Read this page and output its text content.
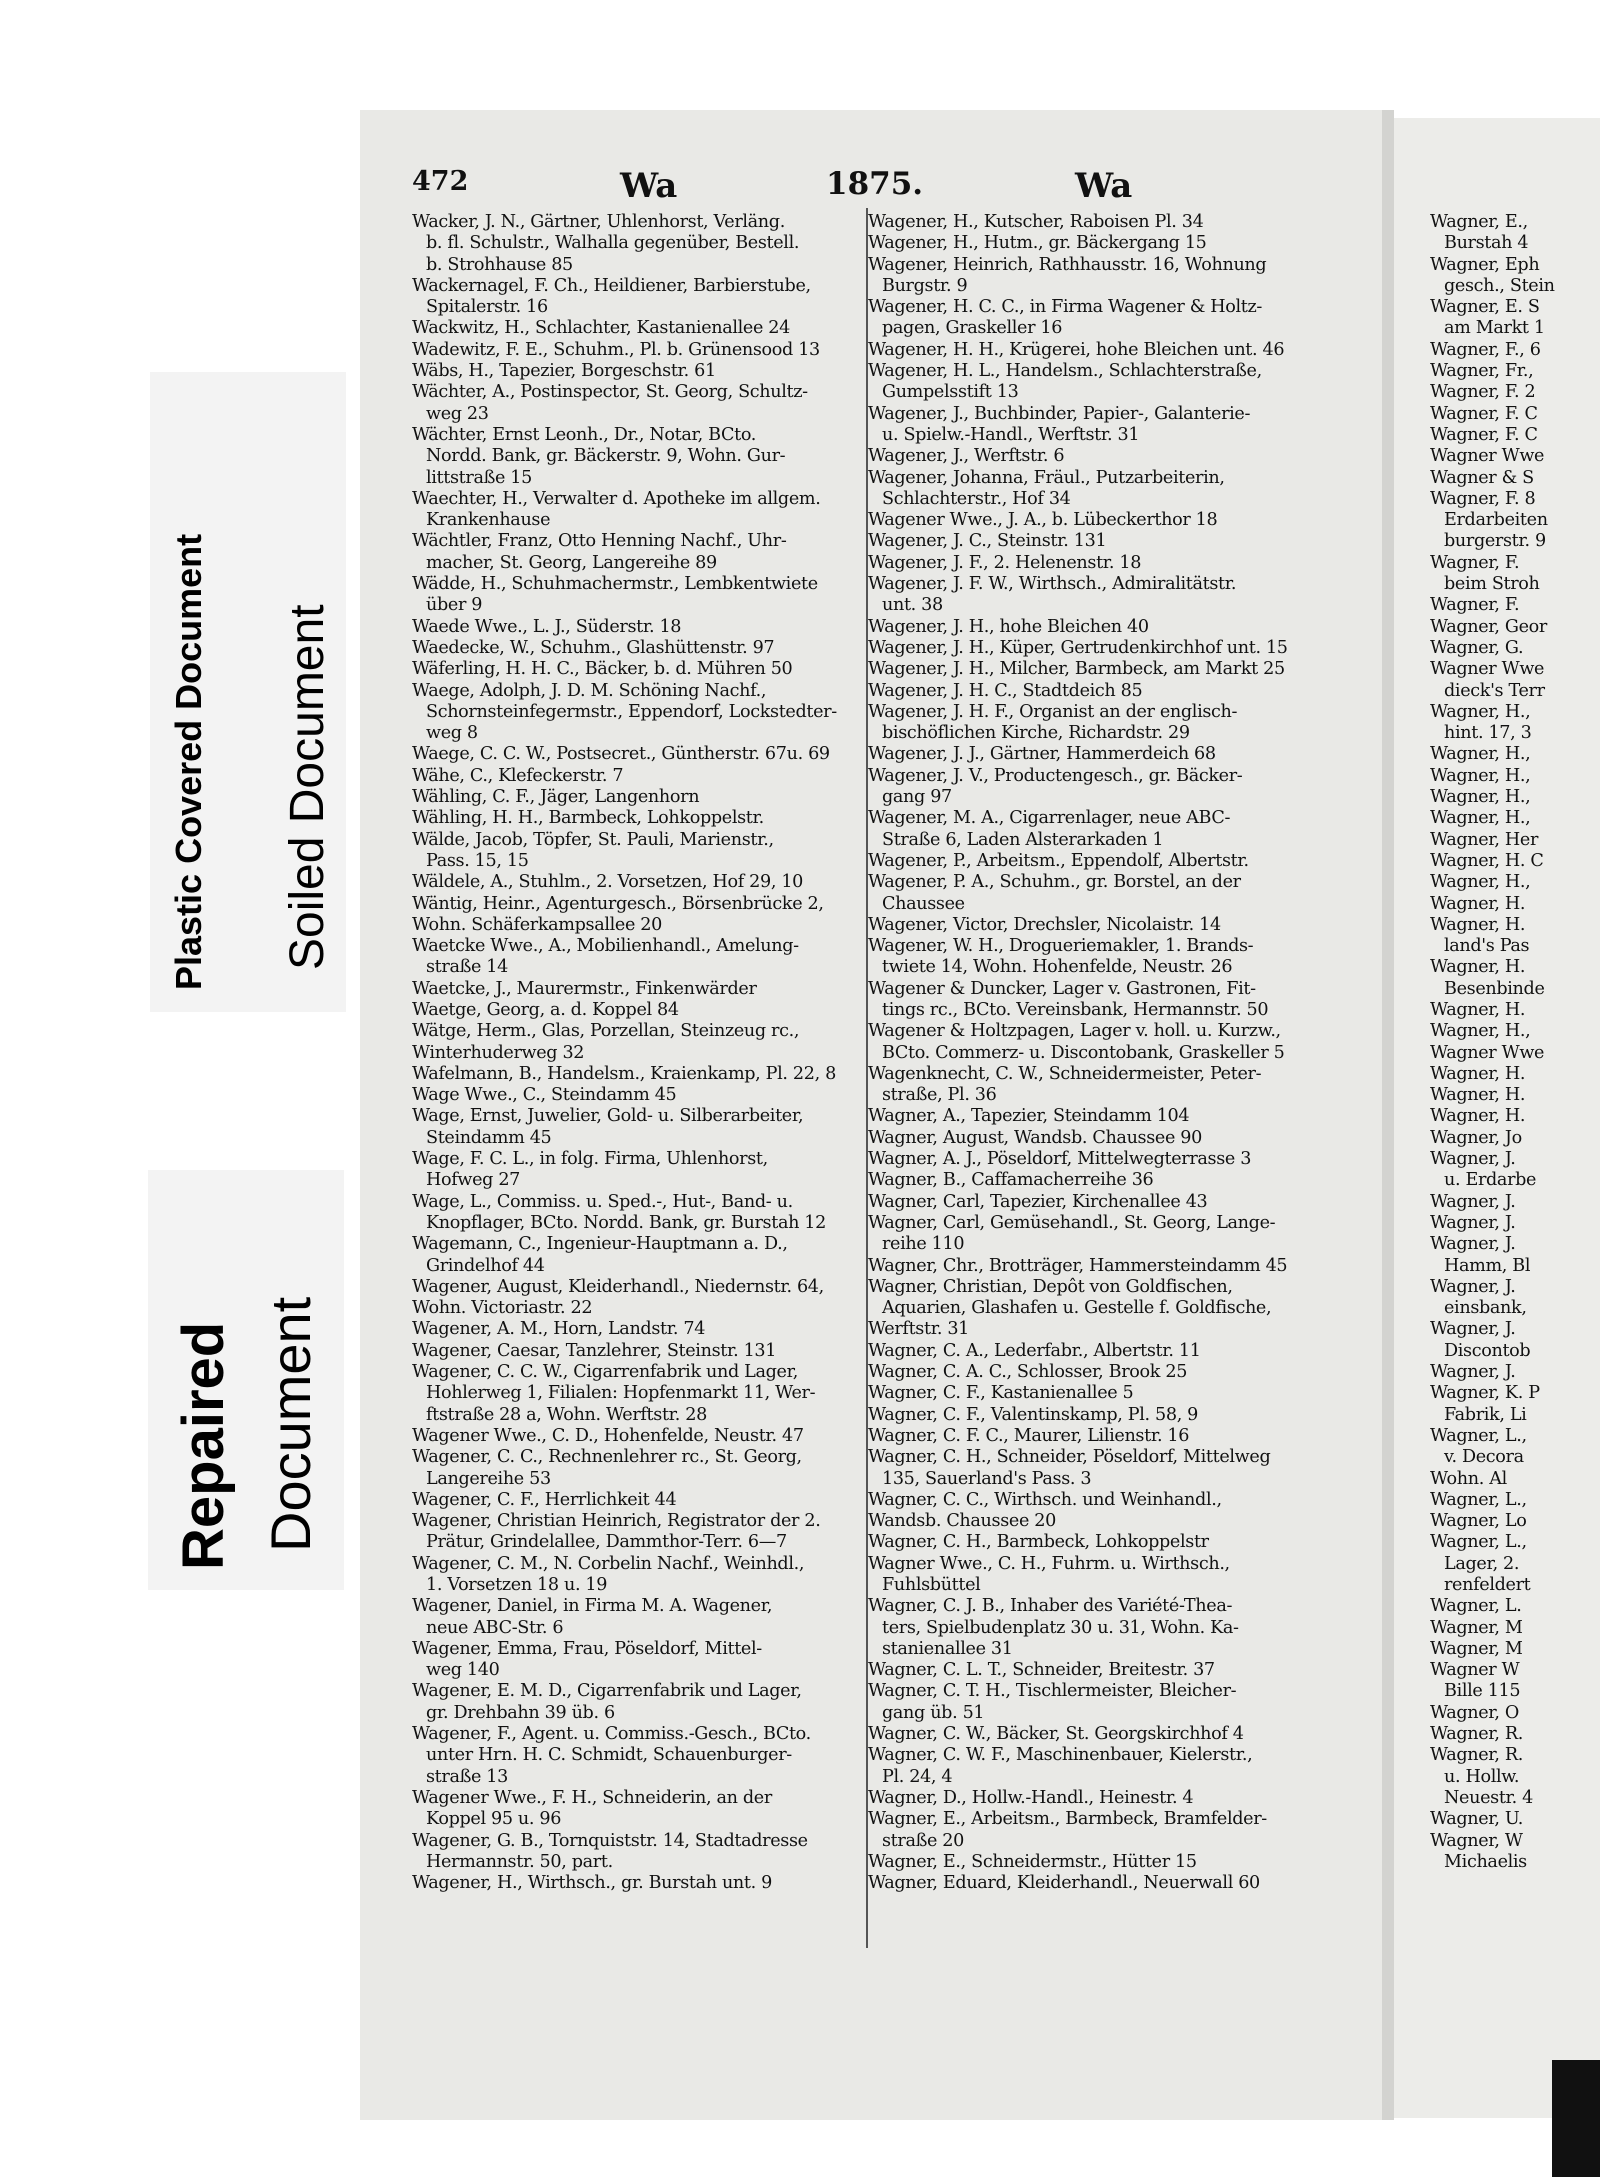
Plastic Covered Document Soiled Document
Repaired Document
472	Wa	1875.	Wa
Wacker, J. N., Gärtner, Uhlenhorst, Verläng.
b. fl. Schulstr., Walhalla gegenüber, Bestell.
b. Strohhause 85
Wackernagel, F. Ch., Heildiener, Barbierstube,
Spitalerstr. 16
Wackwitz, H., Schlachter, Kastanienallee 24
Wadewitz, F. E., Schuhm., Pl. b. Grünensood 13
Wäbs, H., Tapezier, Borgeschstr. 61
Wächter, A., Postinspector, St. Georg, Schultz-
weg 23
Wächter, Ernst Leonh., Dr., Notar, BCto.
Nordd. Bank, gr. Bäckerstr. 9, Wohn. Gur-
littstraße 15
Waechter, H., Verwalter d. Apotheke im allgem.
Krankenhause
Wächtler, Franz, Otto Henning Nachf., Uhr-
macher, St. Georg, Langereihe 89
Wädde, H., Schuhmachermstr., Lembkentwiete
über 9
Waede Wwe., L. J., Süderstr. 18
Waedecke, W., Schuhm., Glashüttenstr. 97
Wäferling, H. H. C., Bäcker, b. d. Mühren 50
Waege, Adolph, J. D. M. Schöning Nachf.,
Schornsteinfegermstr., Eppendorf, Lockstedter-
weg 8
Waege, C. C. W., Postsecret., Güntherstr. 67u. 69
Wähe, C., Klefeckerstr. 7
Wähling, C. F., Jäger, Langenhorn
Wähling, H. H., Barmbeck, Lohkoppelstr.
Wälde, Jacob, Töpfer, St. Pauli, Marienstr.,
Pass. 15, 15
Wäldele, A., Stuhlm., 2. Vorsetzen, Hof 29, 10
Wäntig, Heinr., Agenturgesch., Börsenbrücke 2,
Wohn. Schäferkampsallee 20
Waetcke Wwe., A., Mobilienhandl., Amelung-
straße 14
Waetcke, J., Maurermstr., Finkenwärder
Waetge, Georg, a. d. Koppel 84
Wätge, Herm., Glas, Porzellan, Steinzeug rc.,
Winterhuderweg 32
Wafelmann, B., Handelsm., Kraienkamp, Pl. 22, 8
Wage Wwe., C., Steindamm 45
Wage, Ernst, Juwelier, Gold- u. Silberarbeiter,
Steindamm 45
Wage, F. C. L., in folg. Firma, Uhlenhorst,
Hofweg 27
Wage, L., Commiss. u. Sped.-, Hut-, Band- u.
Knopflager, BCto. Nordd. Bank, gr. Burstah 12
Wagemann, C., Ingenieur-Hauptmann a. D.,
Grindelhof 44
Wagener, August, Kleiderhandl., Niedernstr. 64,
Wohn. Victoriastr. 22
Wagener, A. M., Horn, Landstr. 74
Wagener, Caesar, Tanzlehrer, Steinstr. 131
Wagener, C. C. W., Cigarrenfabrik und Lager,
Hohlerweg 1, Filialen: Hopfenmarkt 11, Wer-
ftstraße 28 a, Wohn. Werftstr. 28
Wagener Wwe., C. D., Hohenfelde, Neustr. 47
Wagener, C. C., Rechnenlehrer rc., St. Georg,
Langereihe 53
Wagener, C. F., Herrlichkeit 44
Wagener, Christian Heinrich, Registrator der 2.
Prätur, Grindelallee, Dammthor-Terr. 6—7
Wagener, C. M., N. Corbelin Nachf., Weinhdl.,
1. Vorsetzen 18 u. 19
Wagener, Daniel, in Firma M. A. Wagener,
neue ABC-Str. 6
Wagener, Emma, Frau, Pöseldorf, Mittel-
weg 140
Wagener, E. M. D., Cigarrenfabrik und Lager,
gr. Drehbahn 39 üb. 6
Wagener, F., Agent. u. Commiss.-Gesch., BCto.
unter Hrn. H. C. Schmidt, Schauenburger-
straße 13
Wagener Wwe., F. H., Schneiderin, an der
Koppel 95 u. 96
Wagener, G. B., Tornquiststr. 14, Stadtadresse
Hermannstr. 50, part.
Wagener, H., Wirthsch., gr. Burstah unt. 9
Wagener, H., Kutscher, Raboisen Pl. 34
Wagener, H., Hutm., gr. Bäckergang 15
Wagener, Heinrich, Rathhausstr. 16, Wohnung
Burgstr. 9
Wagener, H. C. C., in Firma Wagener & Holtz-
pagen, Graskeller 16
Wagener, H. H., Krügerei, hohe Bleichen unt. 46
Wagener, H. L., Handelsm., Schlachterstraße,
Gumpelsstift 13
Wagener, J., Buchbinder, Papier-, Galanterie-
u. Spielw.-Handl., Werftstr. 31
Wagener, J., Werftstr. 6
Wagener, Johanna, Fräul., Putzarbeiterin,
Schlachterstr., Hof 34
Wagener Wwe., J. A., b. Lübeckerthor 18
Wagener, J. C., Steinstr. 131
Wagener, J. F., 2. Helenenstr. 18
Wagener, J. F. W., Wirthsch., Admiralitätstr.
unt. 38
Wagener, J. H., hohe Bleichen 40
Wagener, J. H., Küper, Gertrudenkirchhof unt. 15
Wagener, J. H., Milcher, Barmbeck, am Markt 25
Wagener, J. H. C., Stadtdeich 85
Wagener, J. H. F., Organist an der englisch-
bischöflichen Kirche, Richardstr. 29
Wagener, J. J., Gärtner, Hammerdeich 68
Wagener, J. V., Productengesch., gr. Bäcker-
gang 97
Wagener, M. A., Cigarrenlager, neue ABC-
Straße 6, Laden Alsterarkaden 1
Wagener, P., Arbeitsm., Eppendolf, Albertstr.
Wagener, P. A., Schuhm., gr. Borstel, an der
Chaussee
Wagener, Victor, Drechsler, Nicolaistr. 14
Wagener, W. H., Drogueriemakler, 1. Brands-
twiete 14, Wohn. Hohenfelde, Neustr. 26
Wagener & Duncker, Lager v. Gastronen, Fit-
tings rc., BCto. Vereinsbank, Hermannstr. 50
Wagener & Holtzpagen, Lager v. holl. u. Kurzw.,
BCto. Commerz- u. Discontobank, Graskeller 5
Wagenknecht, C. W., Schneidermeister, Peter-
straße, Pl. 36
Wagner, A., Tapezier, Steindamm 104
Wagner, August, Wandsb. Chaussee 90
Wagner, A. J., Pöseldorf, Mittelwegterrasse 3
Wagner, B., Caffamacherreihe 36
Wagner, Carl, Tapezier, Kirchenallee 43
Wagner, Carl, Gemüsehandl., St. Georg, Lange-
reihe 110
Wagner, Chr., Brotträger, Hammersteindamm 45
Wagner, Christian, Depôt von Goldfischen,
Aquarien, Glashafen u. Gestelle f. Goldfische,
Werftstr. 31
Wagner, C. A., Lederfabr., Albertstr. 11
Wagner, C. A. C., Schlosser, Brook 25
Wagner, C. F., Kastanienallee 5
Wagner, C. F., Valentinskamp, Pl. 58, 9
Wagner, C. F. C., Maurer, Lilienstr. 16
Wagner, C. H., Schneider, Pöseldorf, Mittelweg
135, Sauerland's Pass. 3
Wagner, C. C., Wirthsch. und Weinhandl.,
Wandsb. Chaussee 20
Wagner, C. H., Barmbeck, Lohkoppelstr
Wagner Wwe., C. H., Fuhrm. u. Wirthsch.,
Fuhlsbüttel
Wagner, C. J. B., Inhaber des Variété-Thea-
ters, Spielbudenplatz 30 u. 31, Wohn. Ka-
stanienallee 31
Wagner, C. L. T., Schneider, Breitestr. 37
Wagner, C. T. H., Tischlermeister, Bleicher-
gang üb. 51
Wagner, C. W., Bäcker, St. Georgskirchhof 4
Wagner, C. W. F., Maschinenbauer, Kielerstr.,
Pl. 24, 4
Wagner, D., Hollw.-Handl., Heinestr. 4
Wagner, E., Arbeitsm., Barmbeck, Bramfelder-
straße 20
Wagner, E., Schneidermstr., Hütter 15
Wagner, Eduard, Kleiderhandl., Neuerwall 60
Wagner, E.,
Burstah 4
Wagner, Eph
gesch., Stein
Wagner, E. S
am Markt 1
Wagner, F., 6
Wagner, Fr.,
Wagner, F. 2
Wagner, F. C
Wagner, F. C
Wagner Wwe
Wagner & S
Wagner, F. 8
Erdarbeiten
burgerstr. 9
Wagner, F.
beim Stroh
Wagner, F.
Wagner, Geor
Wagner, G.
Wagner Wwe
dieck's Terr
Wagner, H.,
hint. 17, 3
Wagner, H.,
Wagner, H.,
Wagner, H.,
Wagner, H.,
Wagner, Her
Wagner, H. C
Wagner, H.,
Wagner, H.
Wagner, H.
land's Pas
Wagner, H.
Besenbinde
Wagner, H.
Wagner, H.,
Wagner Wwe
Wagner, H.
Wagner, H.
Wagner, H.
Wagner, Jo
Wagner, J.
u. Erdarbe
Wagner, J.
Wagner, J.
Wagner, J.
Hamm, Bl
Wagner, J.
einsbank,
Wagner, J.
Discontob
Wagner, J.
Wagner, K. P
Fabrik, Li
Wagner, L.,
v. Decora
Wohn. Al
Wagner, L.,
Wagner, Lo
Wagner, L.,
Lager, 2.
renfeldert
Wagner, L.
Wagner, M
Wagner, M
Wagner W
Bille 115
Wagner, O
Wagner, R.
Wagner, R.
u. Hollw.
Neuestr. 4
Wagner, U.
Wagner, W
Michaelis
